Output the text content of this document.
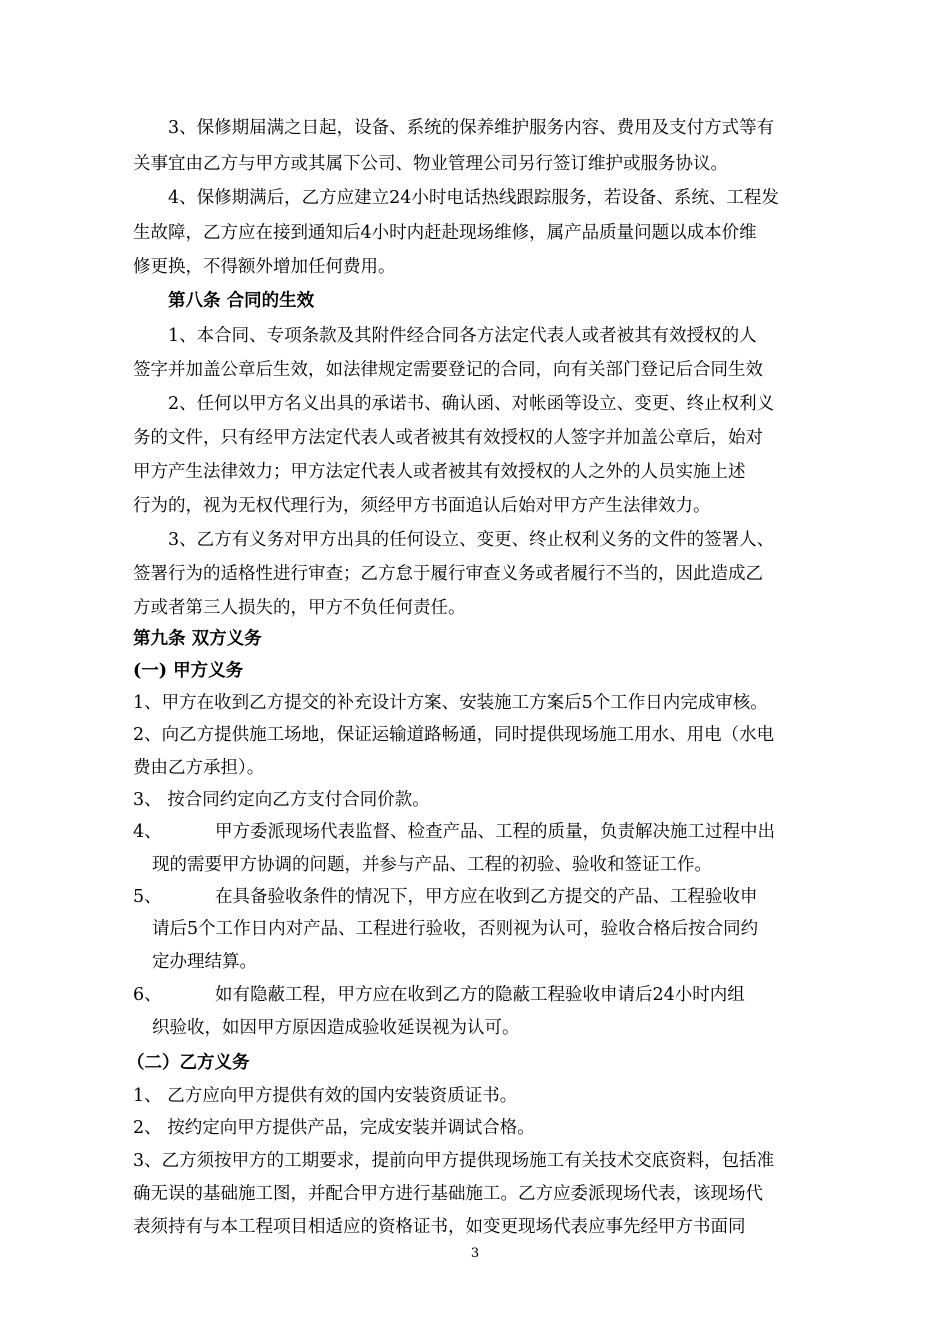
3、保修期届满之日起，设备、系统的保养维护服务内容、费用及支付方式等有
关事宜由乙方与甲方或其属下公司、物业管理公司另行签订维护或服务协议。
4、保修期满后，乙方应建立24小时电话热线跟踪服务，若设备、系统、工程发
生故障，乙方应在接到通知后4小时内赶赴现场维修，属产品质量问题以成本价维
修更换，不得额外增加任何费用。
第八条 合同的生效
1、本合同、专项条款及其附件经合同各方法定代表人或者被其有效授权的人
签字并加盖公章后生效，如法律规定需要登记的合同，向有关部门登记后合同生效
2、任何以甲方名义出具的承诺书、确认函、对帐函等设立、变更、终止权利义
务的文件，只有经甲方法定代表人或者被其有效授权的人签字并加盖公章后，始对
甲方产生法律效力；甲方法定代表人或者被其有效授权的人之外的人员实施上述
行为的，视为无权代理行为，须经甲方书面追认后始对甲方产生法律效力。
3、乙方有义务对甲方出具的任何设立、变更、终止权利义务的文件的签署人、
签署行为的适格性进行审查；乙方怠于履行审查义务或者履行不当的，因此造成乙
方或者第三人损失的，甲方不负任何责任。
第九条 双方义务
(一) 甲方义务
1、甲方在收到乙方提交的补充设计方案、安装施工方案后5个工作日内完成审核。
2、向乙方提供施工场地，保证运输道路畅通，同时提供现场施工用水、用电（水电
费由乙方承担）。
3、 按合同约定向乙方支付合同价款。
4、	甲方委派现场代表监督、检查产品、工程的质量，负责解决施工过程中出
现的需要甲方协调的问题，并参与产品、工程的初验、验收和签证工作。
5、	在具备验收条件的情况下，甲方应在收到乙方提交的产品、工程验收申
请后5个工作日内对产品、工程进行验收，否则视为认可，验收合格后按合同约
定办理结算。
6、	如有隐蔽工程，甲方应在收到乙方的隐蔽工程验收申请后24小时内组
织验收，如因甲方原因造成验收延误视为认可。
（二）乙方义务
1、 乙方应向甲方提供有效的国内安装资质证书。
2、 按约定向甲方提供产品，完成安装并调试合格。
3、乙方须按甲方的工期要求，提前向甲方提供现场施工有关技术交底资料，包括准
确无误的基础施工图，并配合甲方进行基础施工。乙方应委派现场代表，该现场代
表须持有与本工程项目相适应的资格证书，如变更现场代表应事先经甲方书面同
3
